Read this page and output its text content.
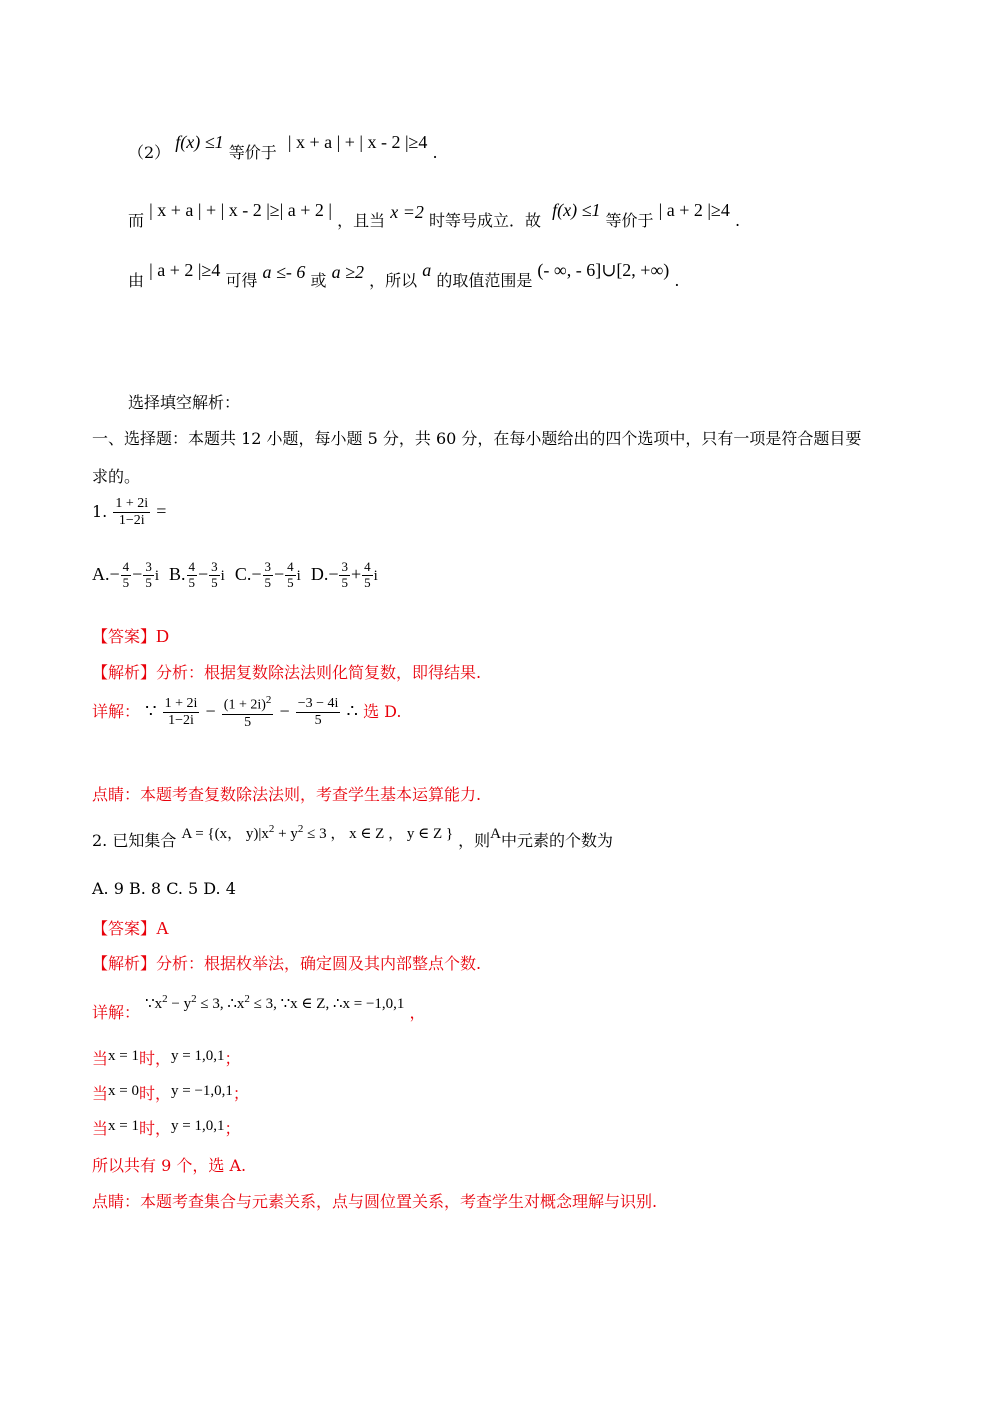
（2） f(x) ≤1 等价于 | x + a | + | x - 2 |≥4 .
而 | x + a | + | x - 2 |≥| a + 2 | ，且当 x =2 时等号成立．故 f(x) ≤1 等价于 | a + 2 |≥4 .
由 | a + 2 |≥4 可得 a ≤- 6 或 a ≥2 ，所以 a 的取值范围是 (- ∞, - 6]∪[2, +∞) .
选择填空解析：
一、选择题：本题共 12 小题，每小题 5 分，共 60 分，在每小题给出的四个选项中，只有一项是符合题目要
求的。
1. $\frac{1 + 2i}{1-2i}$ =
$A.- \frac{4}{5} - \frac{3}{5}$ i B. $\frac{4}{5} - \frac{3}{5}$ i $C.- \frac{3}{5} - \frac{4}{5}$ i $D.- \frac{3}{5} + \frac{4}{5}$ i
【答案】D
【解析】分析：根据复数除法法则化简复数，即得结果.
详解： ∵ $\frac{1 + 2i}{1-2i} - \frac{(1 + 2i)^2}{5} - \frac{-3 - 4i}{5}$ ∴ 选 D.
点睛：本题考查复数除法法则，考查学生基本运算能力.
2. 已知集合 A = {(x， $y)|x^2 + y^2 \le 3$ ， x ∈ Z ， y ∈ Z } ，则A中元素的个数为
A. 9 B. 8 C. 5 D. 4
【答案】A
【解析】分析：根据枚举法，确定圆及其内部整点个数.
详解： $\because x^2 - y^2 \le 3$, $\therefore x^2 \le 3$, ∵x ∈ Z, ∴x = −1,0,1 ，
当x = 1时，y = 1,0,1；
当x = 0时，y = −1,0,1；
当x = 1时，y = 1,0,1；
所以共有 9 个，选 A.
点睛：本题考查集合与元素关系，点与圆位置关系，考查学生对概念理解与识别.
